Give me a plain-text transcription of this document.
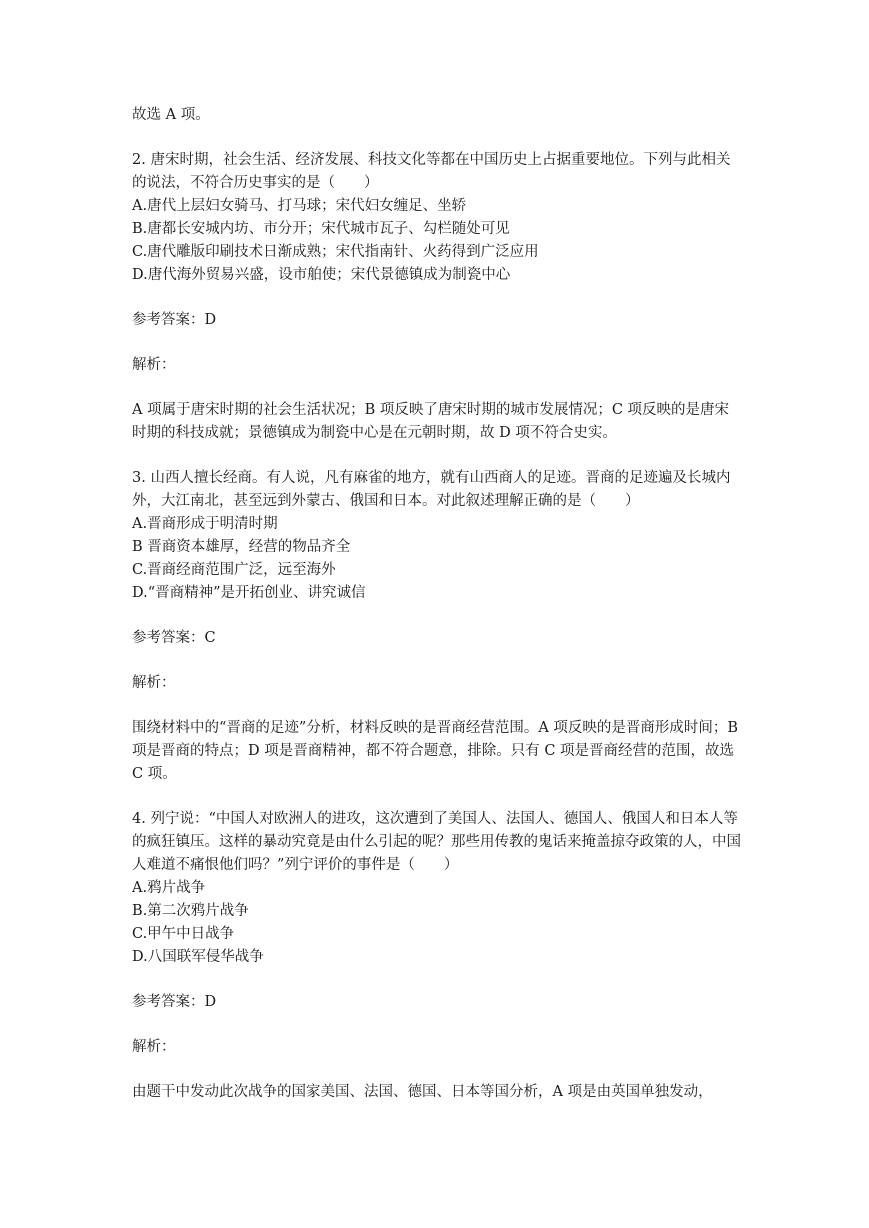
故选 A 项。

2. 唐宋时期，社会生活、经济发展、科技文化等都在中国历史上占据重要地位。下列与此相关的说法，不符合历史事实的是（　　）

A.唐代上层妇女骑马、打马球；宋代妇女缠足、坐轿

B.唐都长安城内坊、市分开；宋代城市瓦子、勾栏随处可见

C.唐代雕版印刷技术日渐成熟；宋代指南针、火药得到广泛应用

D.唐代海外贸易兴盛，设市舶使；宋代景德镇成为制瓷中心

参考答案：D

解析：

A 项属于唐宋时期的社会生活状况；B 项反映了唐宋时期的城市发展情况；C 项反映的是唐宋时期的科技成就；景德镇成为制瓷中心是在元朝时期，故 D 项不符合史实。

3. 山西人擅长经商。有人说，凡有麻雀的地方，就有山西商人的足迹。晋商的足迹遍及长城内外，大江南北，甚至远到外蒙古、俄国和日本。对此叙述理解正确的是（　　）

A.晋商形成于明清时期

B 晋商资本雄厚，经营的物品齐全

C.晋商经商范围广泛，远至海外

D.“晋商精神”是开拓创业、讲究诚信

参考答案：C

解析：

围绕材料中的“晋商的足迹”分析，材料反映的是晋商经营范围。A 项反映的是晋商形成时间；B 项是晋商的特点；D 项是晋商精神，都不符合题意，排除。只有 C 项是晋商经营的范围，故选 C 项。

4. 列宁说：“中国人对欧洲人的进攻，这次遭到了美国人、法国人、德国人、俄国人和日本人等的疯狂镇压。这样的暴动究竟是由什么引起的呢？那些用传教的鬼话来掩盖掠夺政策的人，中国人难道不痛恨他们吗？”列宁评价的事件是（　　）

A.鸦片战争

B.第二次鸦片战争

C.甲午中日战争

D.八国联军侵华战争

参考答案：D

解析：

由题干中发动此次战争的国家美国、法国、德国、日本等国分析，A 项是由英国单独发动，
